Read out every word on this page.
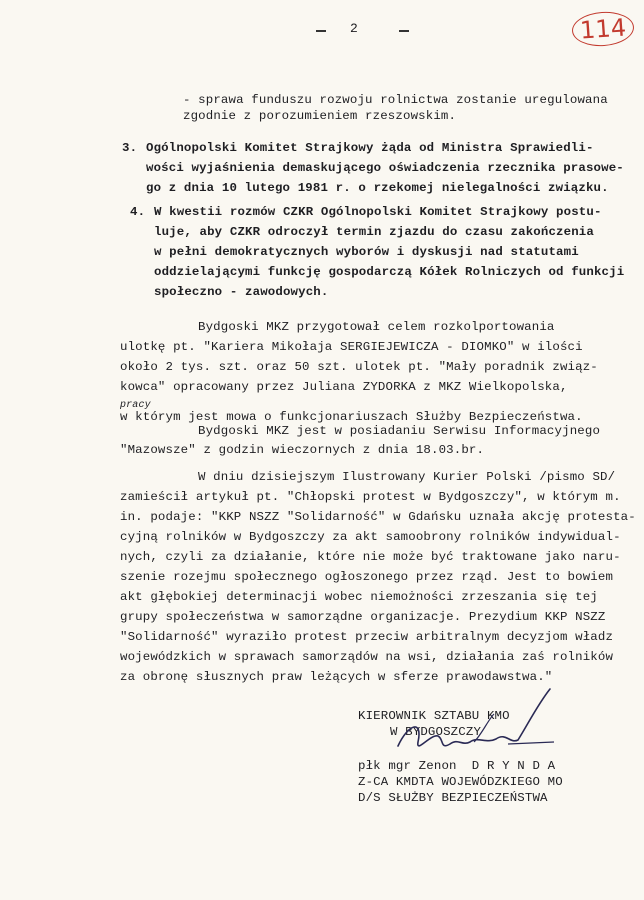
2	114
- sprawa funduszu rozwoju rolnictwa zostanie uregulowana
zgodnie z porozumieniem rzeszowskim.
3. Ogólnopolski Komitet Strajkowy żąda od Ministra Sprawiedli-
wości wyjaśnienia demaskującego oświadczenia rzecznika prasowe-
go z dnia 10 lutego 1981 r. o rzekomej nielegalności związku.
4. W kwestii rozmów CZKR Ogólnopolski Komitet Strajkowy postu-
luje, aby CZKR odroczył termin zjazdu do czasu zakończenia
w pełni demokratycznych wyborów i dyskusji nad statutami
oddzielającymi funkcję gospodarczą Kółek Rolniczych od funkcji
społeczno - zawodowych.
Bydgoski MKZ przygotował celem rozkolportowania
ulotkę pt. "Kariera Mikołaja SERGIEJEWICZA - DIOMKO" w ilości
około 2 tys. szt. oraz 50 szt. ulotek pt. "Mały poradnik związ-
kowca" opracowany przez Juliana ZYDORKA z MKZ Wielkopolska,
pracy
w którym jest mowa o funkcjonariuszach Służby Bezpieczeństwa.
Bydgoski MKZ jest w posiadaniu Serwisu Informacyjnego
"Mazowsze" z godzin wieczornych z dnia 18.03.br.
W dniu dzisiejszym Ilustrowany Kurier Polski /pismo SD/
zamieścił artykuł pt. "Chłopski protest w Bydgoszczy", w którym m.
in. podaje: "KKP NSZZ "Solidarność" w Gdańsku uznała akcję protesta-
cyjną rolników w Bydgoszczy za akt samoobrony rolników indywidual-
nych, czyli za działanie, które nie może być traktowane jako naru-
szenie rozejmu społecznego ogłoszonego przez rząd. Jest to bowiem
akt głębokiej determinacji wobec niemożności zrzeszania się tej
grupy społeczeństwa w samorządne organizacje. Prezydium KKP NSZZ
"Solidarność" wyraziło protest przeciw arbitralnym decyzjom władz
wojewódzkich w sprawach samorządów na wsi, działania zaś rolników
za obronę słusznych praw leżących w sferze prawodawstwa."
KIEROWNIK SZTABU KMO
W BYDGOSZCZY
płk mgr Zenon  D R Y N D A
Z-CA KMDTA WOJEWÓDZKIEGO MO
D/S SŁUŻBY BEZPIECZEŃSTWA
